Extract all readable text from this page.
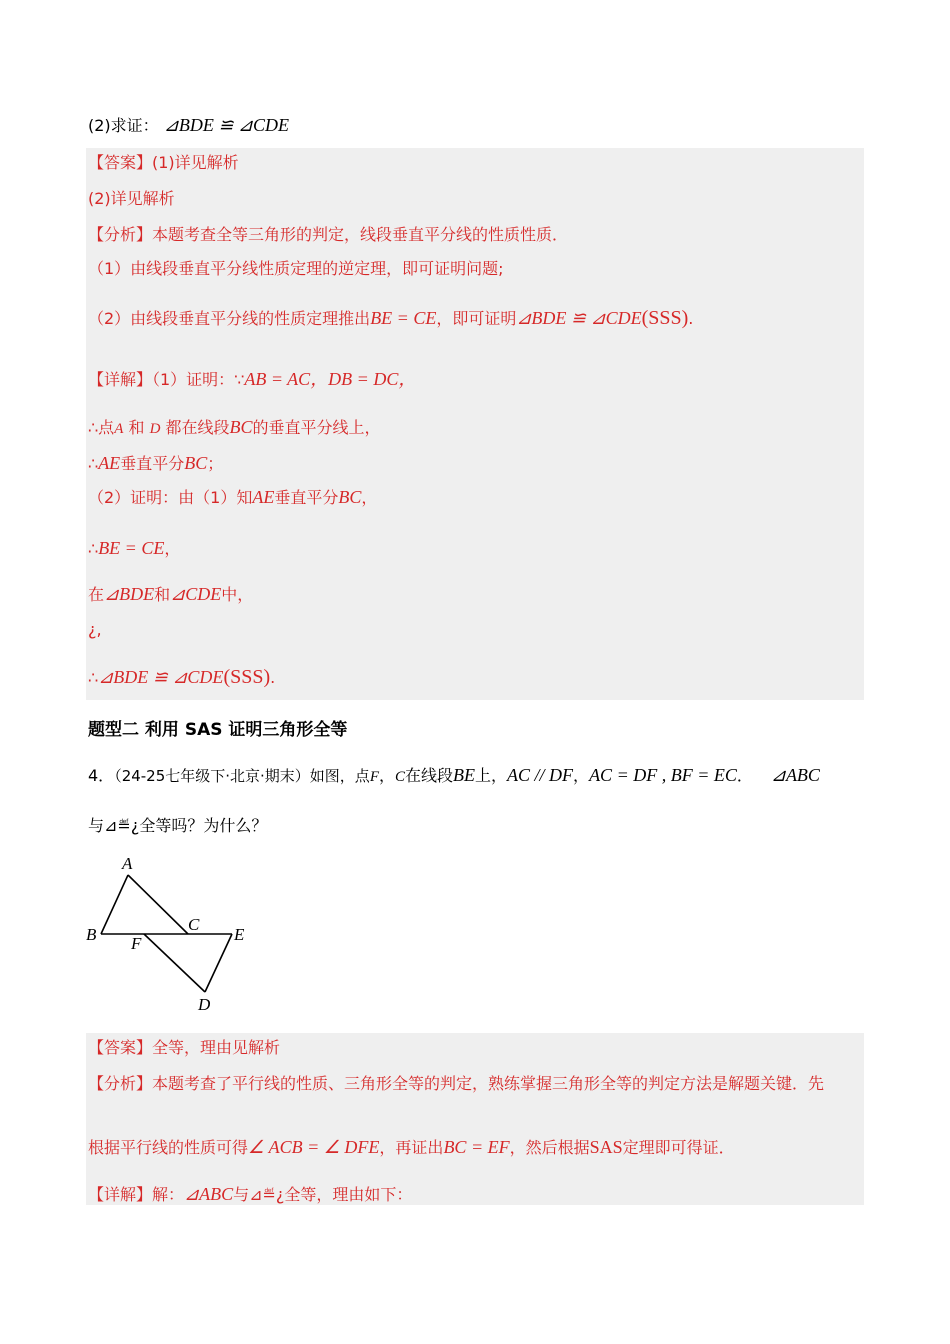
(2)求证： ⊿BDE ≌ ⊿CDE
【答案】(1)详见解析
(2)详见解析
【分析】本题考查全等三角形的判定，线段垂直平分线的性质性质．
（1）由线段垂直平分线性质定理的逆定理，即可证明问题;
（2）由线段垂直平分线的性质定理推出BE = CE，即可证明⊿BDE ≌ ⊿CDE(SSS).
【详解】（1）证明：∵AB = AC，DB = DC，
∴点A 和 D 都在线段BC的垂直平分线上，
∴AE垂直平分BC；
（2）证明：由（1）知AE垂直平分BC，
∴BE = CE，
在⊿BDE和⊿CDE中，
¿,
∴⊿BDE ≌ ⊿CDE(SSS).
题型二 利用 SAS 证明三角形全等
4．（24-25七年级下·北京·期末）如图，点F，C在线段BE上，AC // DF，AC = DF , BF = EC． ⊿ABC
与⊿≝¿全等吗？为什么？
A
B
C
E
F
D
【答案】全等，理由见解析
【分析】本题考查了平行线的性质、三角形全等的判定，熟练掌握三角形全等的判定方法是解题关键．先
根据平行线的性质可得∠ ACB = ∠ DFE，再证出BC = EF，然后根据SAS定理即可得证．
【详解】解：⊿ABC与⊿≝¿全等，理由如下：
